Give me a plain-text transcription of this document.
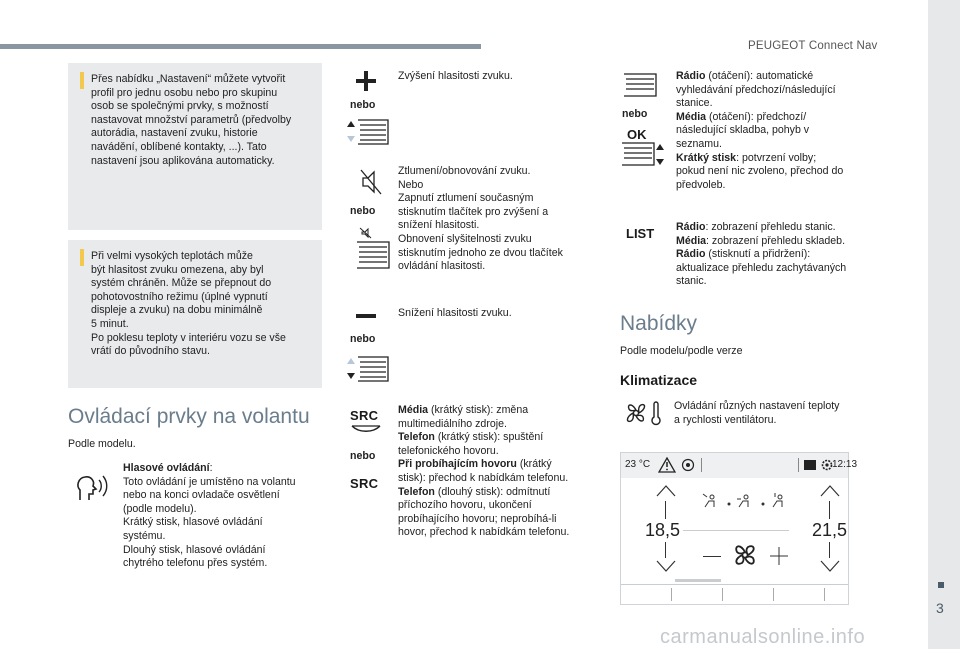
PEUGEOT Connect Nav
3
carmanualsonline.info
Přes nabídku „Nastavení“ můžete vytvořit
profil pro jednu osobu nebo pro skupinu
osob se společnými prvky, s možností
nastavovat množství parametrů (předvolby
autorádia, nastavení zvuku, historie
navádění, oblíbené kontakty, ...). Tato
nastavení jsou aplikována automaticky.
Při velmi vysokých teplotách může
být hlasitost zvuku omezena, aby byl
systém chráněn. Může se přepnout do
pohotovostního režimu (úplné vypnutí
displeje a zvuku) na dobu minimálně
5 minut.
Po poklesu teploty v interiéru vozu se vše
vrátí do původního stavu.
Ovládací prvky na volantu
Podle modelu.
Hlasové ovládání:
Toto ovládání je umístěno na volantu
nebo na konci ovladače osvětlení
(podle modelu).
Krátký stisk, hlasové ovládání
systému.
Dlouhý stisk, hlasové ovládání
chytrého telefonu přes systém.
nebo
Zvýšení hlasitosti zvuku.
nebo
Ztlumení/obnovování zvuku.
Nebo
Zapnutí ztlumení současným
stisknutím tlačítek pro zvýšení a
snížení hlasitosti.
Obnovení slyšitelnosti zvuku
stisknutím jednoho ze dvou tlačítek
ovládání hlasitosti.
nebo
Snížení hlasitosti zvuku.
SRC
nebo
SRC
Média (krátký stisk): změna
multimediálního zdroje.
Telefon (krátký stisk): spuštění
telefonického hovoru.
Při probíhajícím hovoru (krátký
stisk): přechod k nabídkám telefonu.
Telefon (dlouhý stisk): odmítnutí
příchozího hovoru, ukončení
probíhajícího hovoru; neprobíhá-li
hovor, přechod k nabídkám telefonu.
nebo
OK
Rádio (otáčení): automatické
vyhledávání předchozí/následující
stanice.
Média (otáčení): předchozí/
následující skladba, pohyb v
seznamu.
Krátký stisk: potvrzení volby;
pokud není nic zvoleno, přechod do
předvoleb.
LIST Rádio: zobrazení přehledu stanic.
Média: zobrazení přehledu skladeb.
Rádio (stisknutí a přidržení):
aktualizace přehledu zachytávaných
stanic.
Nabídky
Podle modelu/podle verze
Klimatizace
Ovládání různých nastavení teploty
a rychlosti ventilátoru.
23 °C	12:13
18,5	21,5
